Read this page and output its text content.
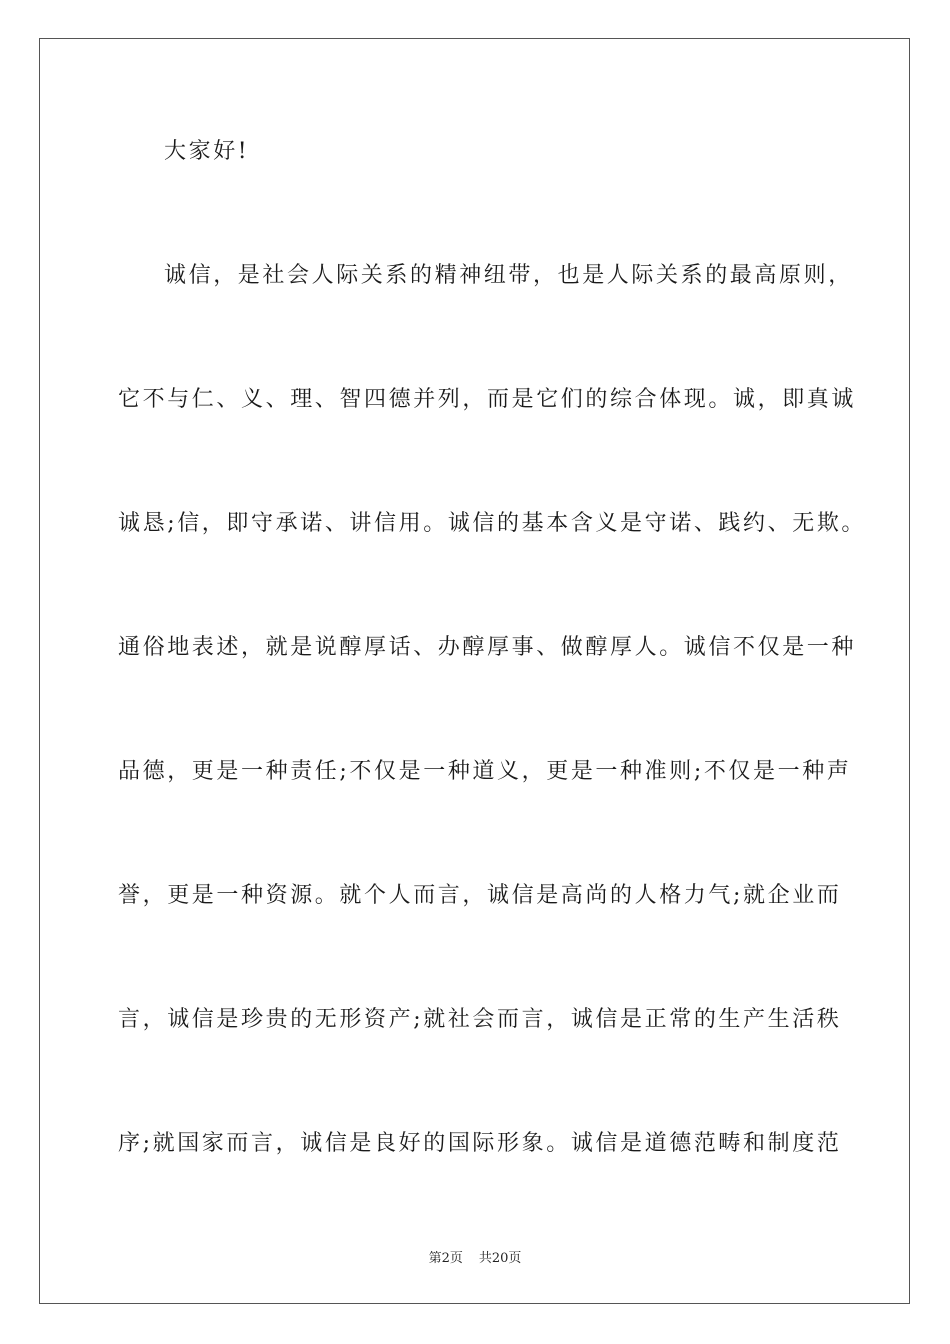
大家好!
诚信，是社会人际关系的精神纽带，也是人际关系的最高原则，
它不与仁、义、理、智四德并列，而是它们的综合体现。诚，即真诚
诚恳;信，即守承诺、讲信用。诚信的基本含义是守诺、践约、无欺。
通俗地表述，就是说醇厚话、办醇厚事、做醇厚人。诚信不仅是一种
品德，更是一种责任;不仅是一种道义，更是一种准则;不仅是一种声
誉，更是一种资源。就个人而言，诚信是高尚的人格力气;就企业而
言，诚信是珍贵的无形资产;就社会而言，诚信是正常的生产生活秩
序;就国家而言，诚信是良好的国际形象。诚信是道德范畴和制度范
第2页 共20页
